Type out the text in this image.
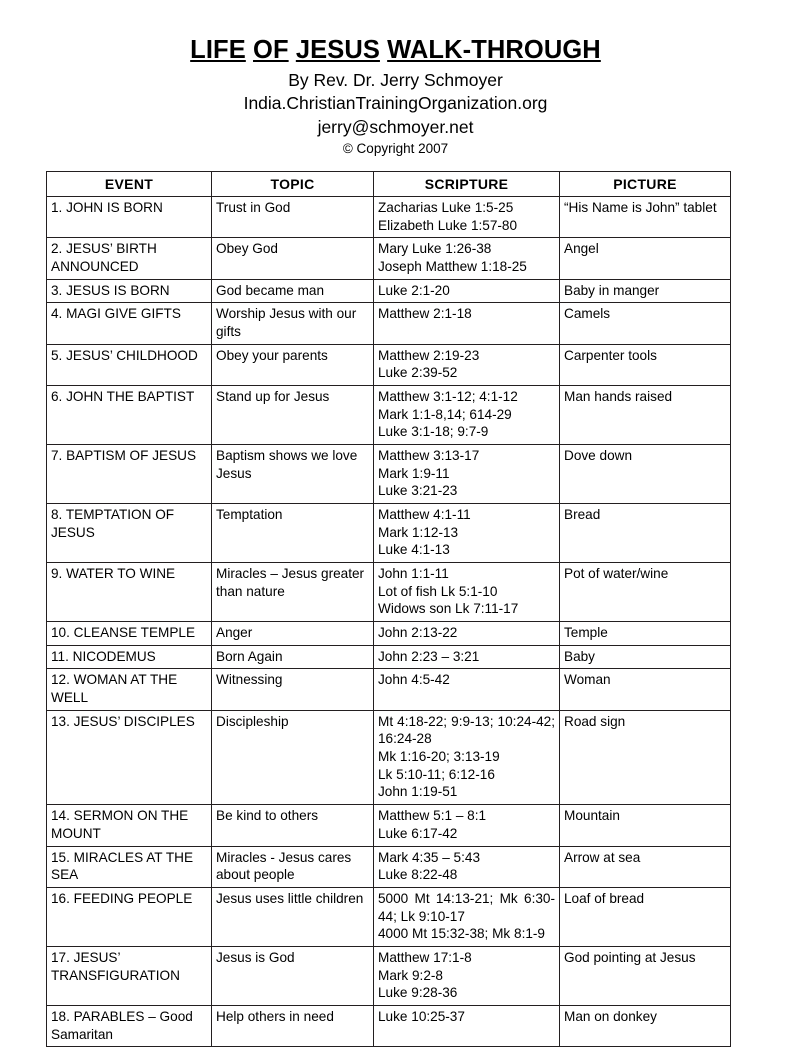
LIFE OF JESUS WALK-THROUGH

By Rev. Dr. Jerry Schmoyer

India.ChristianTrainingOrganization.org

jerry@schmoyer.net

© Copyright 2007

EVENT	TOPIC	SCRIPTURE	PICTURE

1. JOHN IS BORN	Trust in God	Zacharias Luke 1:5-25
Elizabeth Luke 1:57-80	“His Name is John” tablet

2. JESUS’ BIRTH ANNOUNCED	Obey God	Mary Luke 1:26-38
Joseph Matthew 1:18-25	Angel

3. JESUS IS BORN	God became man	Luke 2:1-20	Baby in manger

4. MAGI GIVE GIFTS	Worship Jesus with our gifts	Matthew 2:1-18	Camels

5. JESUS’ CHILDHOOD	Obey your parents	Matthew 2:19-23
Luke 2:39-52	Carpenter tools

6. JOHN THE BAPTIST	Stand up for Jesus	Matthew 3:1-12; 4:1-12
Mark 1:1-8,14; 614-29
Luke 3:1-18; 9:7-9	Man hands raised

7. BAPTISM OF JESUS	Baptism shows we love Jesus	Matthew 3:13-17
Mark 1:9-11
Luke 3:21-23	Dove down

8. TEMPTATION OF JESUS	Temptation	Matthew 4:1-11
Mark 1:12-13
Luke 4:1-13	Bread

9. WATER TO WINE	Miracles – Jesus greater than nature	John 1:1-11
Lot of fish Lk 5:1-10
Widows son Lk 7:11-17	Pot of water/wine

10. CLEANSE TEMPLE	Anger	John 2:13-22	Temple

11. NICODEMUS	Born Again	John 2:23 – 3:21	Baby

12. WOMAN AT THE WELL	Witnessing	John 4:5-42	Woman

13. JESUS’ DISCIPLES	Discipleship	Mt 4:18-22; 9:9-13; 10:24-42; 16:24-28
Mk 1:16-20; 3:13-19
Lk 5:10-11; 6:12-16
John 1:19-51	Road sign

14. SERMON ON THE MOUNT	Be kind to others	Matthew 5:1 – 8:1
Luke 6:17-42	Mountain

15. MIRACLES AT THE SEA	Miracles - Jesus cares about people	Mark 4:35 – 5:43
Luke 8:22-48	Arrow at sea

16. FEEDING PEOPLE	Jesus uses little children	5000 Mt 14:13-21; Mk 6:30-44; Lk 9:10-17
4000 Mt 15:32-38; Mk 8:1-9	Loaf of bread

17. JESUS’ TRANSFIGURATION	Jesus is God	Matthew 17:1-8
Mark 9:2-8
Luke 9:28-36	God pointing at Jesus

18. PARABLES – Good Samaritan	Help others in need	Luke 10:25-37	Man on donkey
